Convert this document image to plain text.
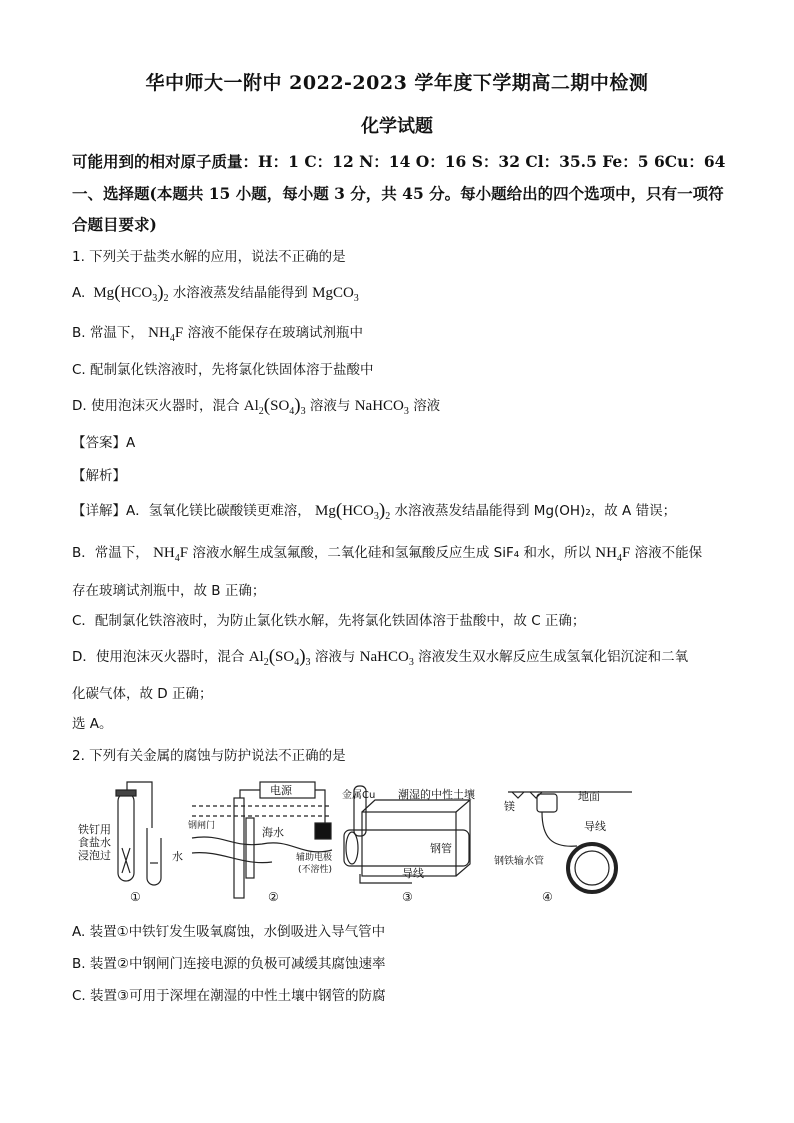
华中师大一附中 2022-2023 学年度下学期高二期中检测
化学试题
可能用到的相对原子质量：H：1 C：12 N：14 O：16 S：32 Cl：35.5 Fe：5 6Cu：64
一、选择题(本题共 15 小题，每小题 3 分，共 45 分。每小题给出的四个选项中，只有一项符
合题目要求)
1. 下列关于盐类水解的应用，说法不正确的是
A.  $Mg(HCO_3)_2$ 水溶液蒸发结晶能得到 MgCO$_3$
B. 常温下， $NH_4F$ 溶液不能保存在玻璃试剂瓶中
C. 配制氯化铁溶液时，先将氯化铁固体溶于盐酸中
D. 使用泡沫灭火器时，混合 $Al_2(SO_4)_3$ 溶液与 NaHCO$_3$ 溶液
【答案】A
【解析】
【详解】A．氢氧化镁比碳酸镁更难溶， $Mg(HCO_3)_2$ 水溶液蒸发结晶能得到 Mg(OH)₂，故 A 错误；
B．常温下， $NH_4F$ 溶液水解生成氢氟酸，二氧化硅和氢氟酸反应生成 SiF₄ 和水，所以 $NH_4F$ 溶液不能保
存在玻璃试剂瓶中，故 B 正确；
C．配制氯化铁溶液时，为防止氯化铁水解，先将氯化铁固体溶于盐酸中，故 C 正确；
D．使用泡沫灭火器时，混合 $Al_2(SO_4)_3$ 溶液与 NaHCO$_3$ 溶液发生双水解反应生成氢氧化铝沉淀和二氧
化碳气体，故 D 正确；
选 A。
2. 下列有关金属的腐蚀与防护说法不正确的是
铁钉用
食盐水
浸泡过	水
①
电源
钢闸门	海水
辅助电极
(不溶性)
②
金属Cu 潮湿的中性土壤
钢管
导线
③
镁
地面
导线
钢铁输水管
④
A. 装置①中铁钉发生吸氧腐蚀，水倒吸进入导气管中
B. 装置②中钢闸门连接电源的负极可减缓其腐蚀速率
C. 装置③可用于深埋在潮湿的中性土壤中钢管的防腐
